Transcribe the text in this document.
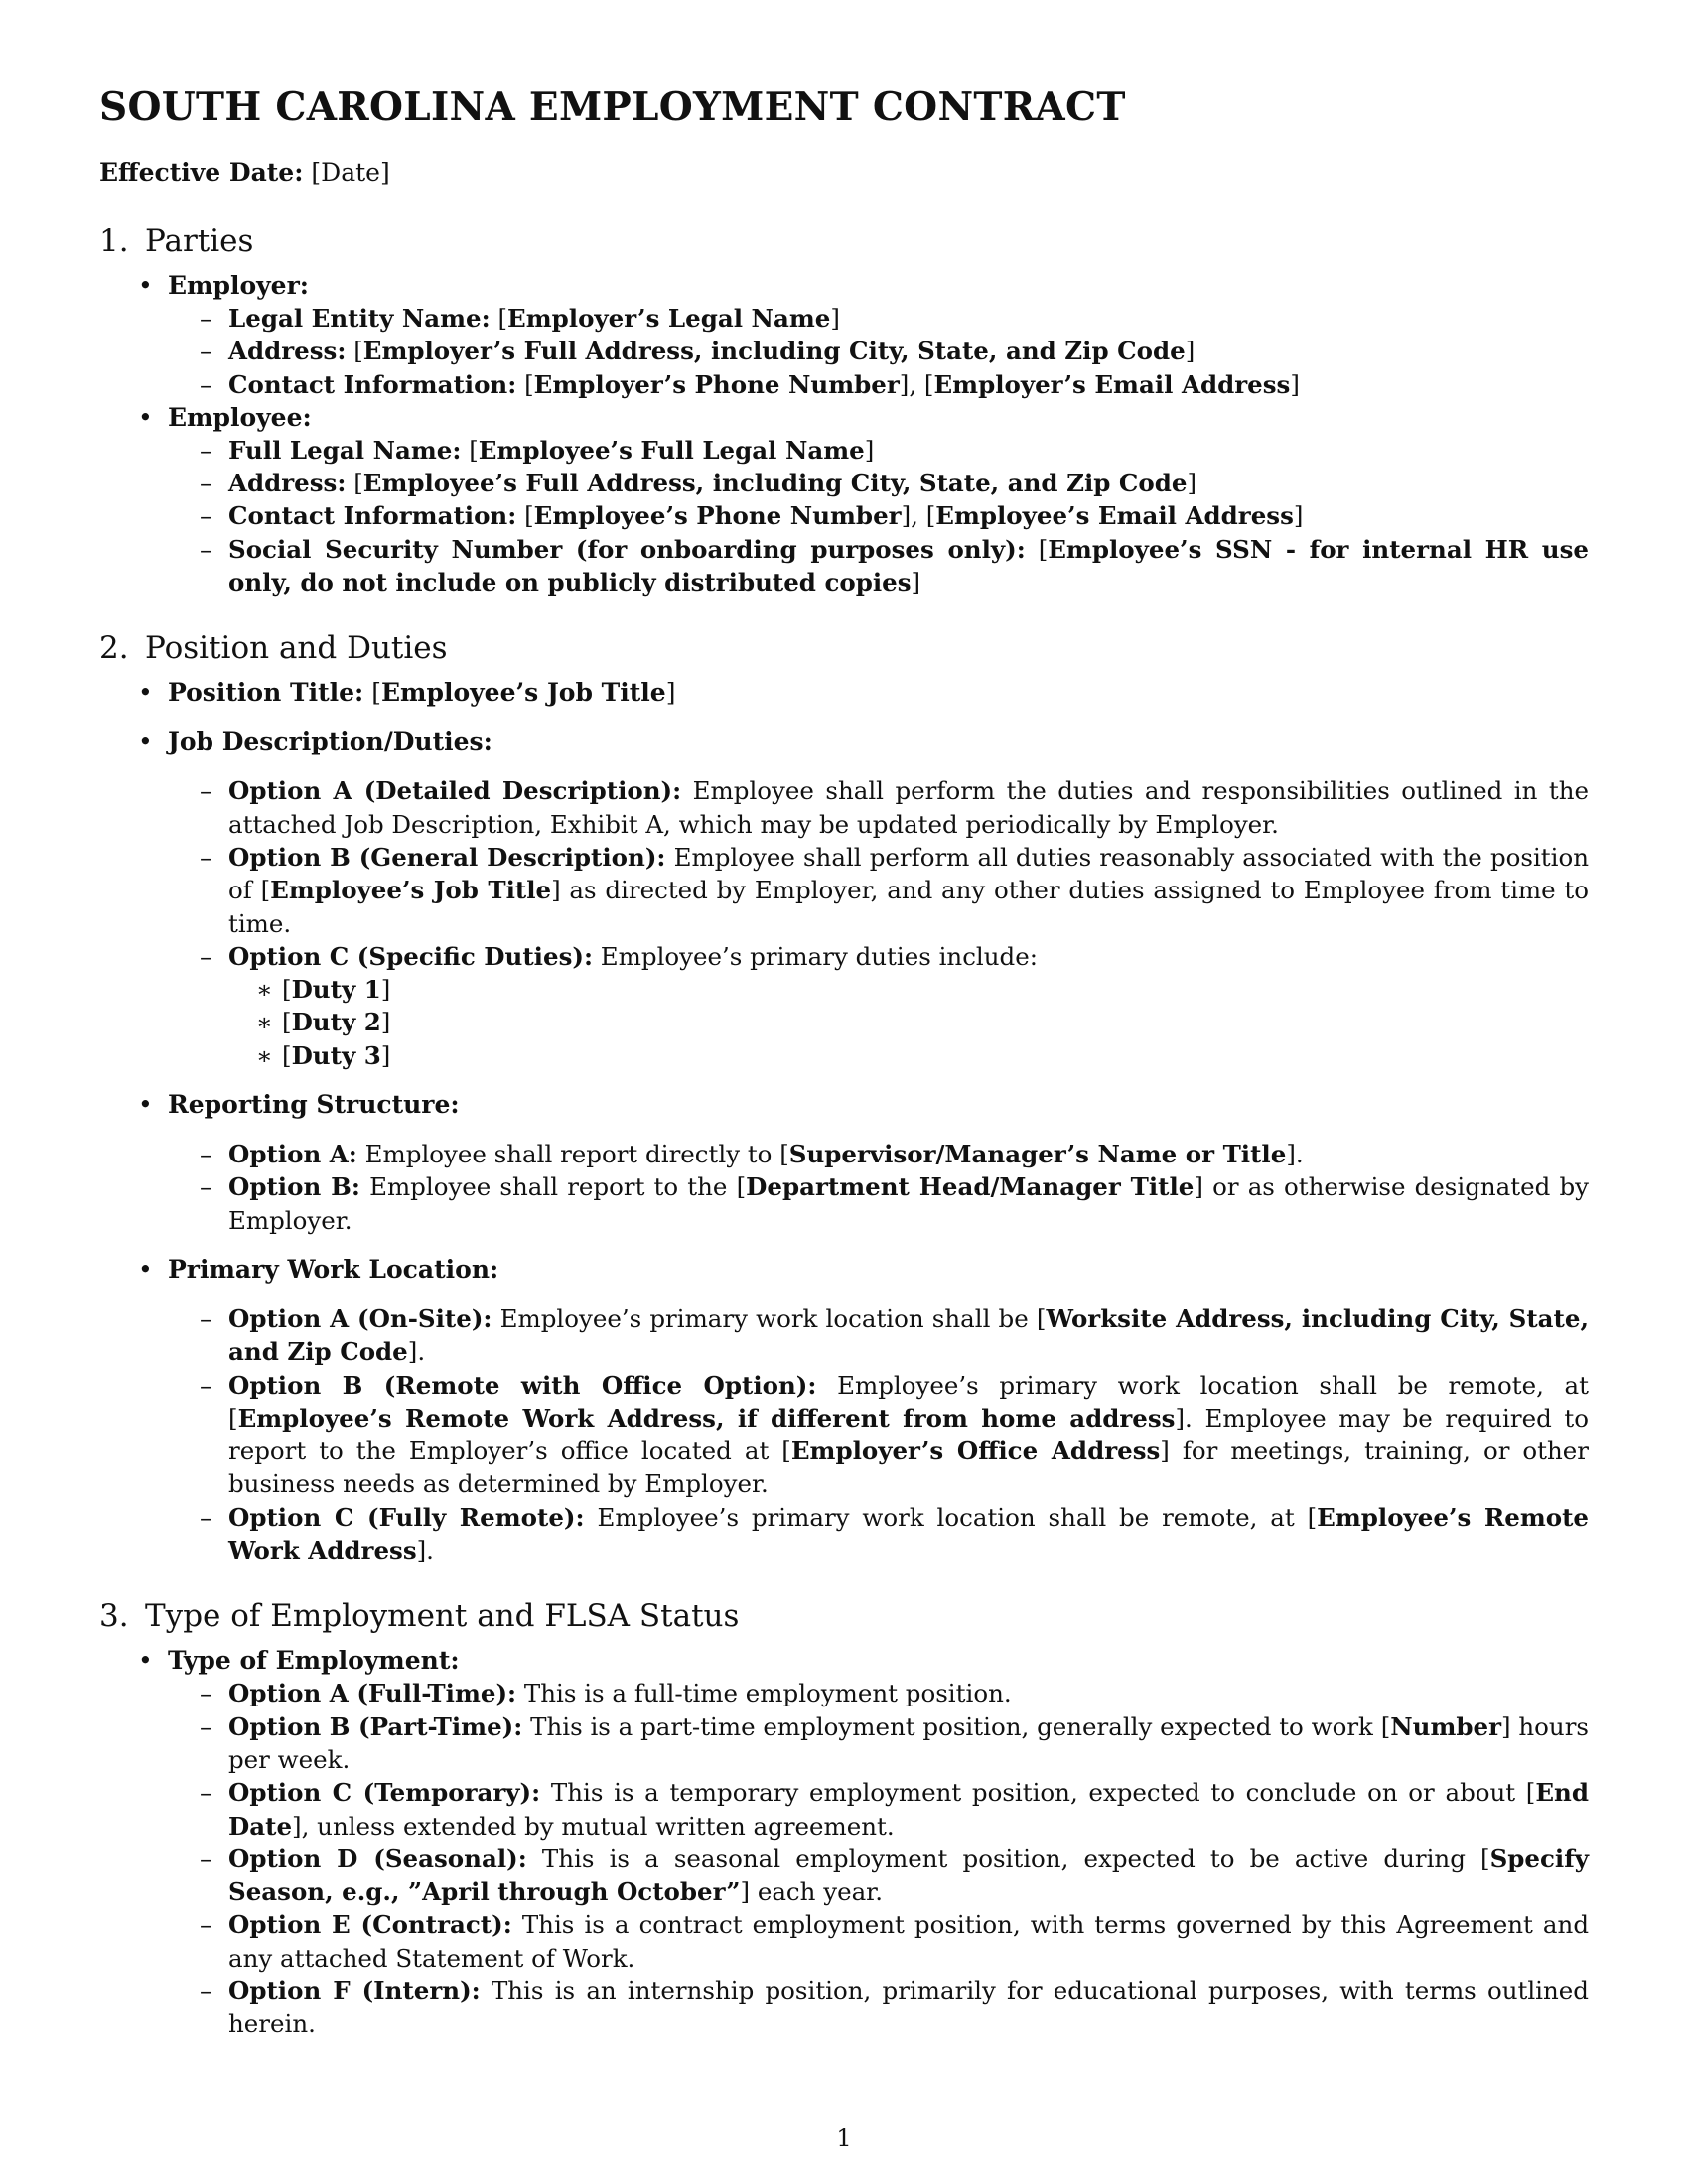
SOUTH CAROLINA EMPLOYMENT CONTRACT
Effective Date: [Date]
1. Parties
• Employer:
– Legal Entity Name: [Employer’s Legal Name]
– Address: [Employer’s Full Address, including City, State, and Zip Code]
– Contact Information: [Employer’s Phone Number], [Employer’s Email Address]
• Employee:
– Full Legal Name: [Employee’s Full Legal Name]
– Address: [Employee’s Full Address, including City, State, and Zip Code]
– Contact Information: [Employee’s Phone Number], [Employee’s Email Address]
– Social Security Number (for onboarding purposes only): [Employee’s SSN - for internal HR use only, do not include on publicly distributed copies]
2. Position and Duties
• Position Title: [Employee’s Job Title]
• Job Description/Duties:
– Option A (Detailed Description): Employee shall perform the duties and responsibilities outlined in the attached Job Description, Exhibit A, which may be updated periodically by Employer.
– Option B (General Description): Employee shall perform all duties reasonably associated with the position of [Employee’s Job Title] as directed by Employer, and any other duties assigned to Employee from time to time.
– Option C (Specific Duties): Employee’s primary duties include:
∗ [Duty 1]
∗ [Duty 2]
∗ [Duty 3]
• Reporting Structure:
– Option A: Employee shall report directly to [Supervisor/Manager’s Name or Title].
– Option B: Employee shall report to the [Department Head/Manager Title] or as otherwise designated by Employer.
• Primary Work Location:
– Option A (On-Site): Employee’s primary work location shall be [Worksite Address, including City, State, and Zip Code].
– Option B (Remote with Office Option): Employee’s primary work location shall be remote, at [Employee’s Remote Work Address, if different from home address]. Employee may be required to report to the Employer’s office located at [Employer’s Office Address] for meetings, training, or other business needs as determined by Employer.
– Option C (Fully Remote): Employee’s primary work location shall be remote, at [Employee’s Remote Work Address].
3. Type of Employment and FLSA Status
• Type of Employment:
– Option A (Full-Time): This is a full-time employment position.
– Option B (Part-Time): This is a part-time employment position, generally expected to work [Number] hours per week.
– Option C (Temporary): This is a temporary employment position, expected to conclude on or about [End Date], unless extended by mutual written agreement.
– Option D (Seasonal): This is a seasonal employment position, expected to be active during [Specify Season, e.g., ”April through October”] each year.
– Option E (Contract): This is a contract employment position, with terms governed by this Agreement and any attached Statement of Work.
– Option F (Intern): This is an internship position, primarily for educational purposes, with terms outlined herein.
1
